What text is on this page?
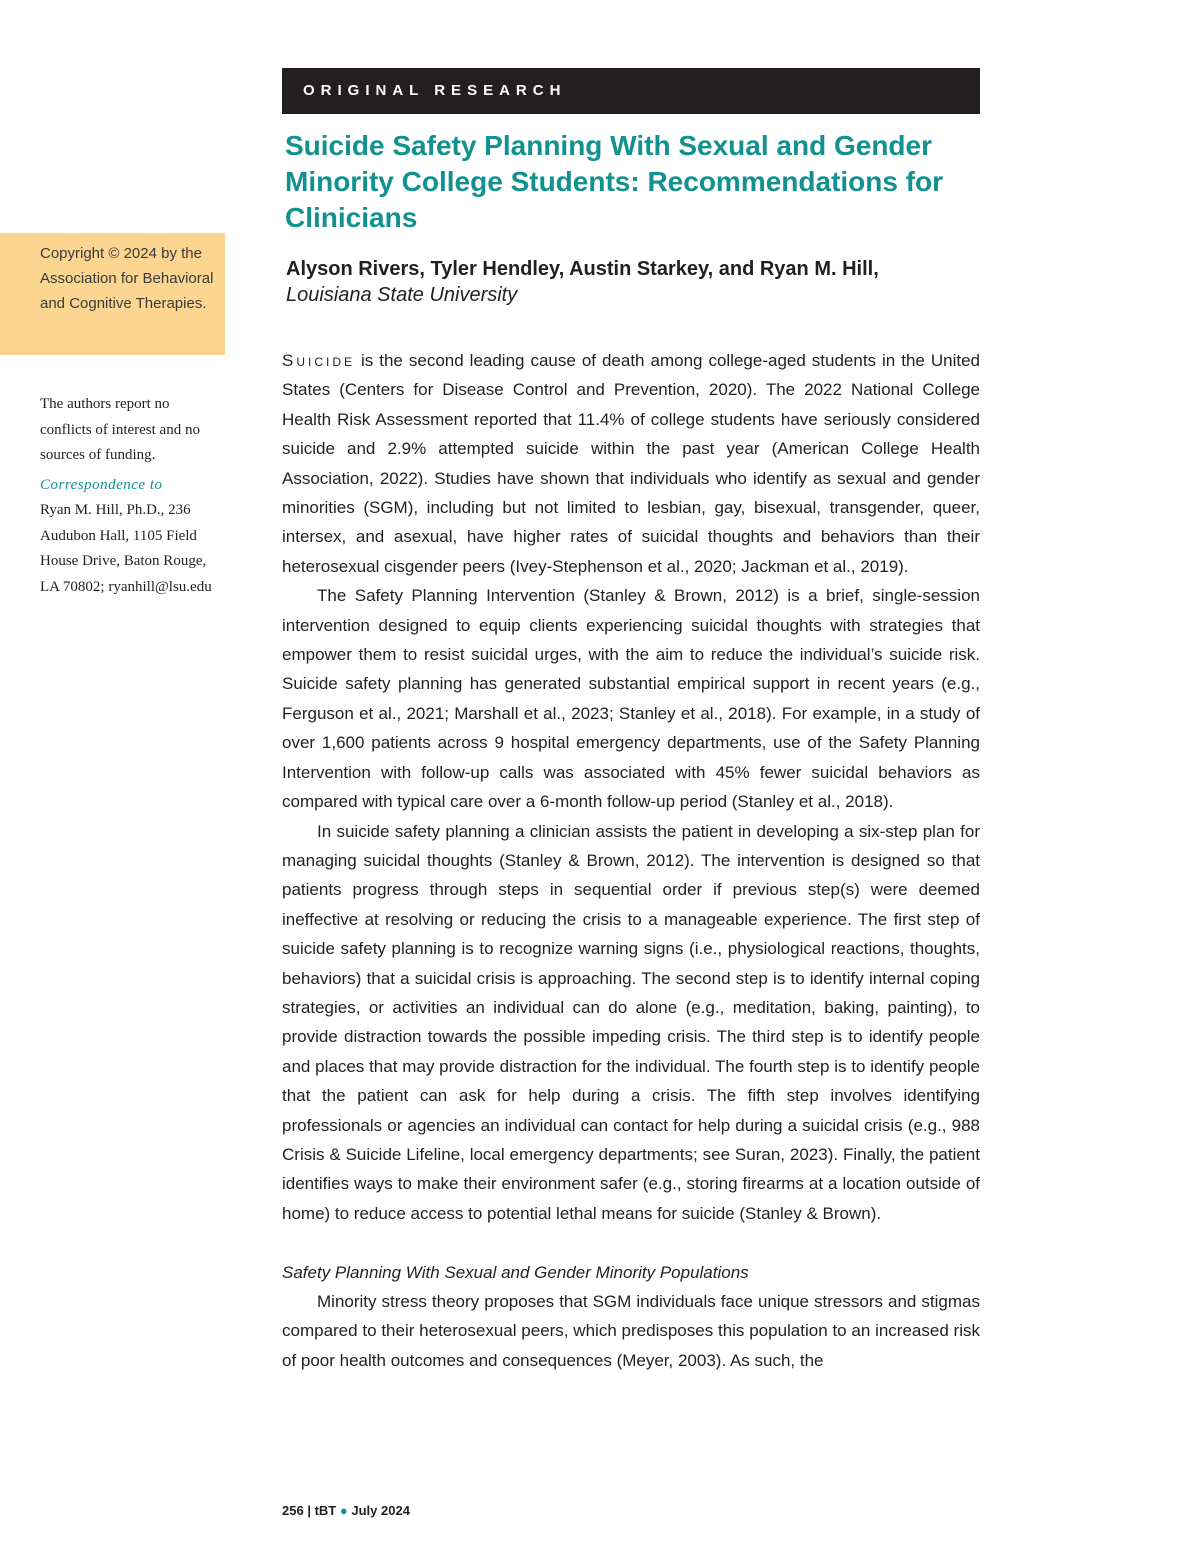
ORIGINAL RESEARCH
Suicide Safety Planning With Sexual and Gender Minority College Students: Recommendations for Clinicians
Alyson Rivers, Tyler Hendley, Austin Starkey, and Ryan M. Hill,
Louisiana State University
Copyright © 2024 by the Association for Behavioral and Cognitive Therapies.
The authors report no conflicts of interest and no sources of funding.
Correspondence to
Ryan M. Hill, Ph.D., 236 Audubon Hall, 1105 Field House Drive, Baton Rouge, LA 70802; ryanhill@lsu.edu

Suicide is the second leading cause of death among college-aged students in the United States (Centers for Disease Control and Prevention, 2020). The 2022 National College Health Risk Assessment reported that 11.4% of college students have seriously considered suicide and 2.9% attempted suicide within the past year (American College Health Association, 2022). Studies have shown that individuals who identify as sexual and gender minorities (SGM), including but not limited to lesbian, gay, bisexual, transgender, queer, intersex, and asexual, have higher rates of suicidal thoughts and behaviors than their heterosexual cisgender peers (Ivey-Stephenson et al., 2020; Jackman et al., 2019).

The Safety Planning Intervention (Stanley & Brown, 2012) is a brief, single-session intervention designed to equip clients experiencing suicidal thoughts with strategies that empower them to resist suicidal urges, with the aim to reduce the individual’s suicide risk. Suicide safety planning has generated substantial empirical support in recent years (e.g., Ferguson et al., 2021; Marshall et al., 2023; Stanley et al., 2018). For example, in a study of over 1,600 patients across 9 hospital emergency departments, use of the Safety Planning Intervention with follow-up calls was associated with 45% fewer suicidal behaviors as compared with typical care over a 6-month follow-up period (Stanley et al., 2018).

In suicide safety planning a clinician assists the patient in developing a six-step plan for managing suicidal thoughts (Stanley & Brown, 2012). The intervention is designed so that patients progress through steps in sequential order if previous step(s) were deemed ineffective at resolving or reducing the crisis to a manageable experience. The first step of suicide safety planning is to recognize warning signs (i.e., physiological reactions, thoughts, behaviors) that a suicidal crisis is approaching. The second step is to identify internal coping strategies, or activities an individual can do alone (e.g., meditation, baking, painting), to provide distraction towards the possible impeding crisis. The third step is to identify people and places that may provide distraction for the individual. The fourth step is to identify people that the patient can ask for help during a crisis. The fifth step involves identifying professionals or agencies an individual can contact for help during a suicidal crisis (e.g., 988 Crisis & Suicide Lifeline, local emergency departments; see Suran, 2023). Finally, the patient identifies ways to make their environment safer (e.g., storing firearms at a location outside of home) to reduce access to potential lethal means for suicide (Stanley & Brown).

Safety Planning With Sexual and Gender Minority Populations

Minority stress theory proposes that SGM individuals face unique stressors and stigmas compared to their heterosexual peers, which predisposes this population to an increased risk of poor health outcomes and consequences (Meyer, 2003). As such, the

256 | tBT ● July 2024
